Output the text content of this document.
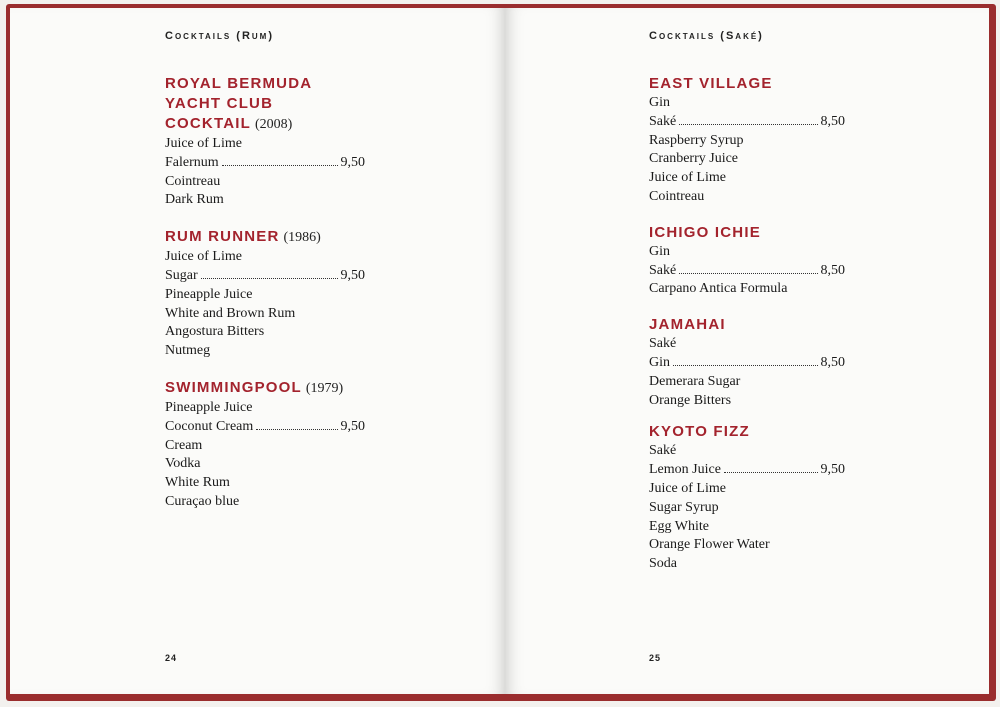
Cocktails (Rum)
ROYAL BERMUDA YACHT CLUB COCKTAIL (2008)
Juice of Lime
Falernum	9,50
Cointreau
Dark Rum
RUM RUNNER (1986)
Juice of Lime
Sugar	9,50
Pineapple Juice
White and Brown Rum
Angostura Bitters
Nutmeg
SWIMMINGPOOL (1979)
Pineapple Juice
Coconut Cream	9,50
Cream
Vodka
White Rum
Curaçao blue
24
Cocktails (Saké)
EAST VILLAGE
Gin
Saké	8,50
Raspberry Syrup
Cranberry Juice
Juice of Lime
Cointreau
ICHIGO ICHIE
Gin
Saké	8,50
Carpano Antica Formula
JAMAHAI
Saké
Gin	8,50
Demerara Sugar
Orange Bitters
KYOTO FIZZ
Saké
Lemon Juice	9,50
Juice of Lime
Sugar Syrup
Egg White
Orange Flower Water
Soda
25
